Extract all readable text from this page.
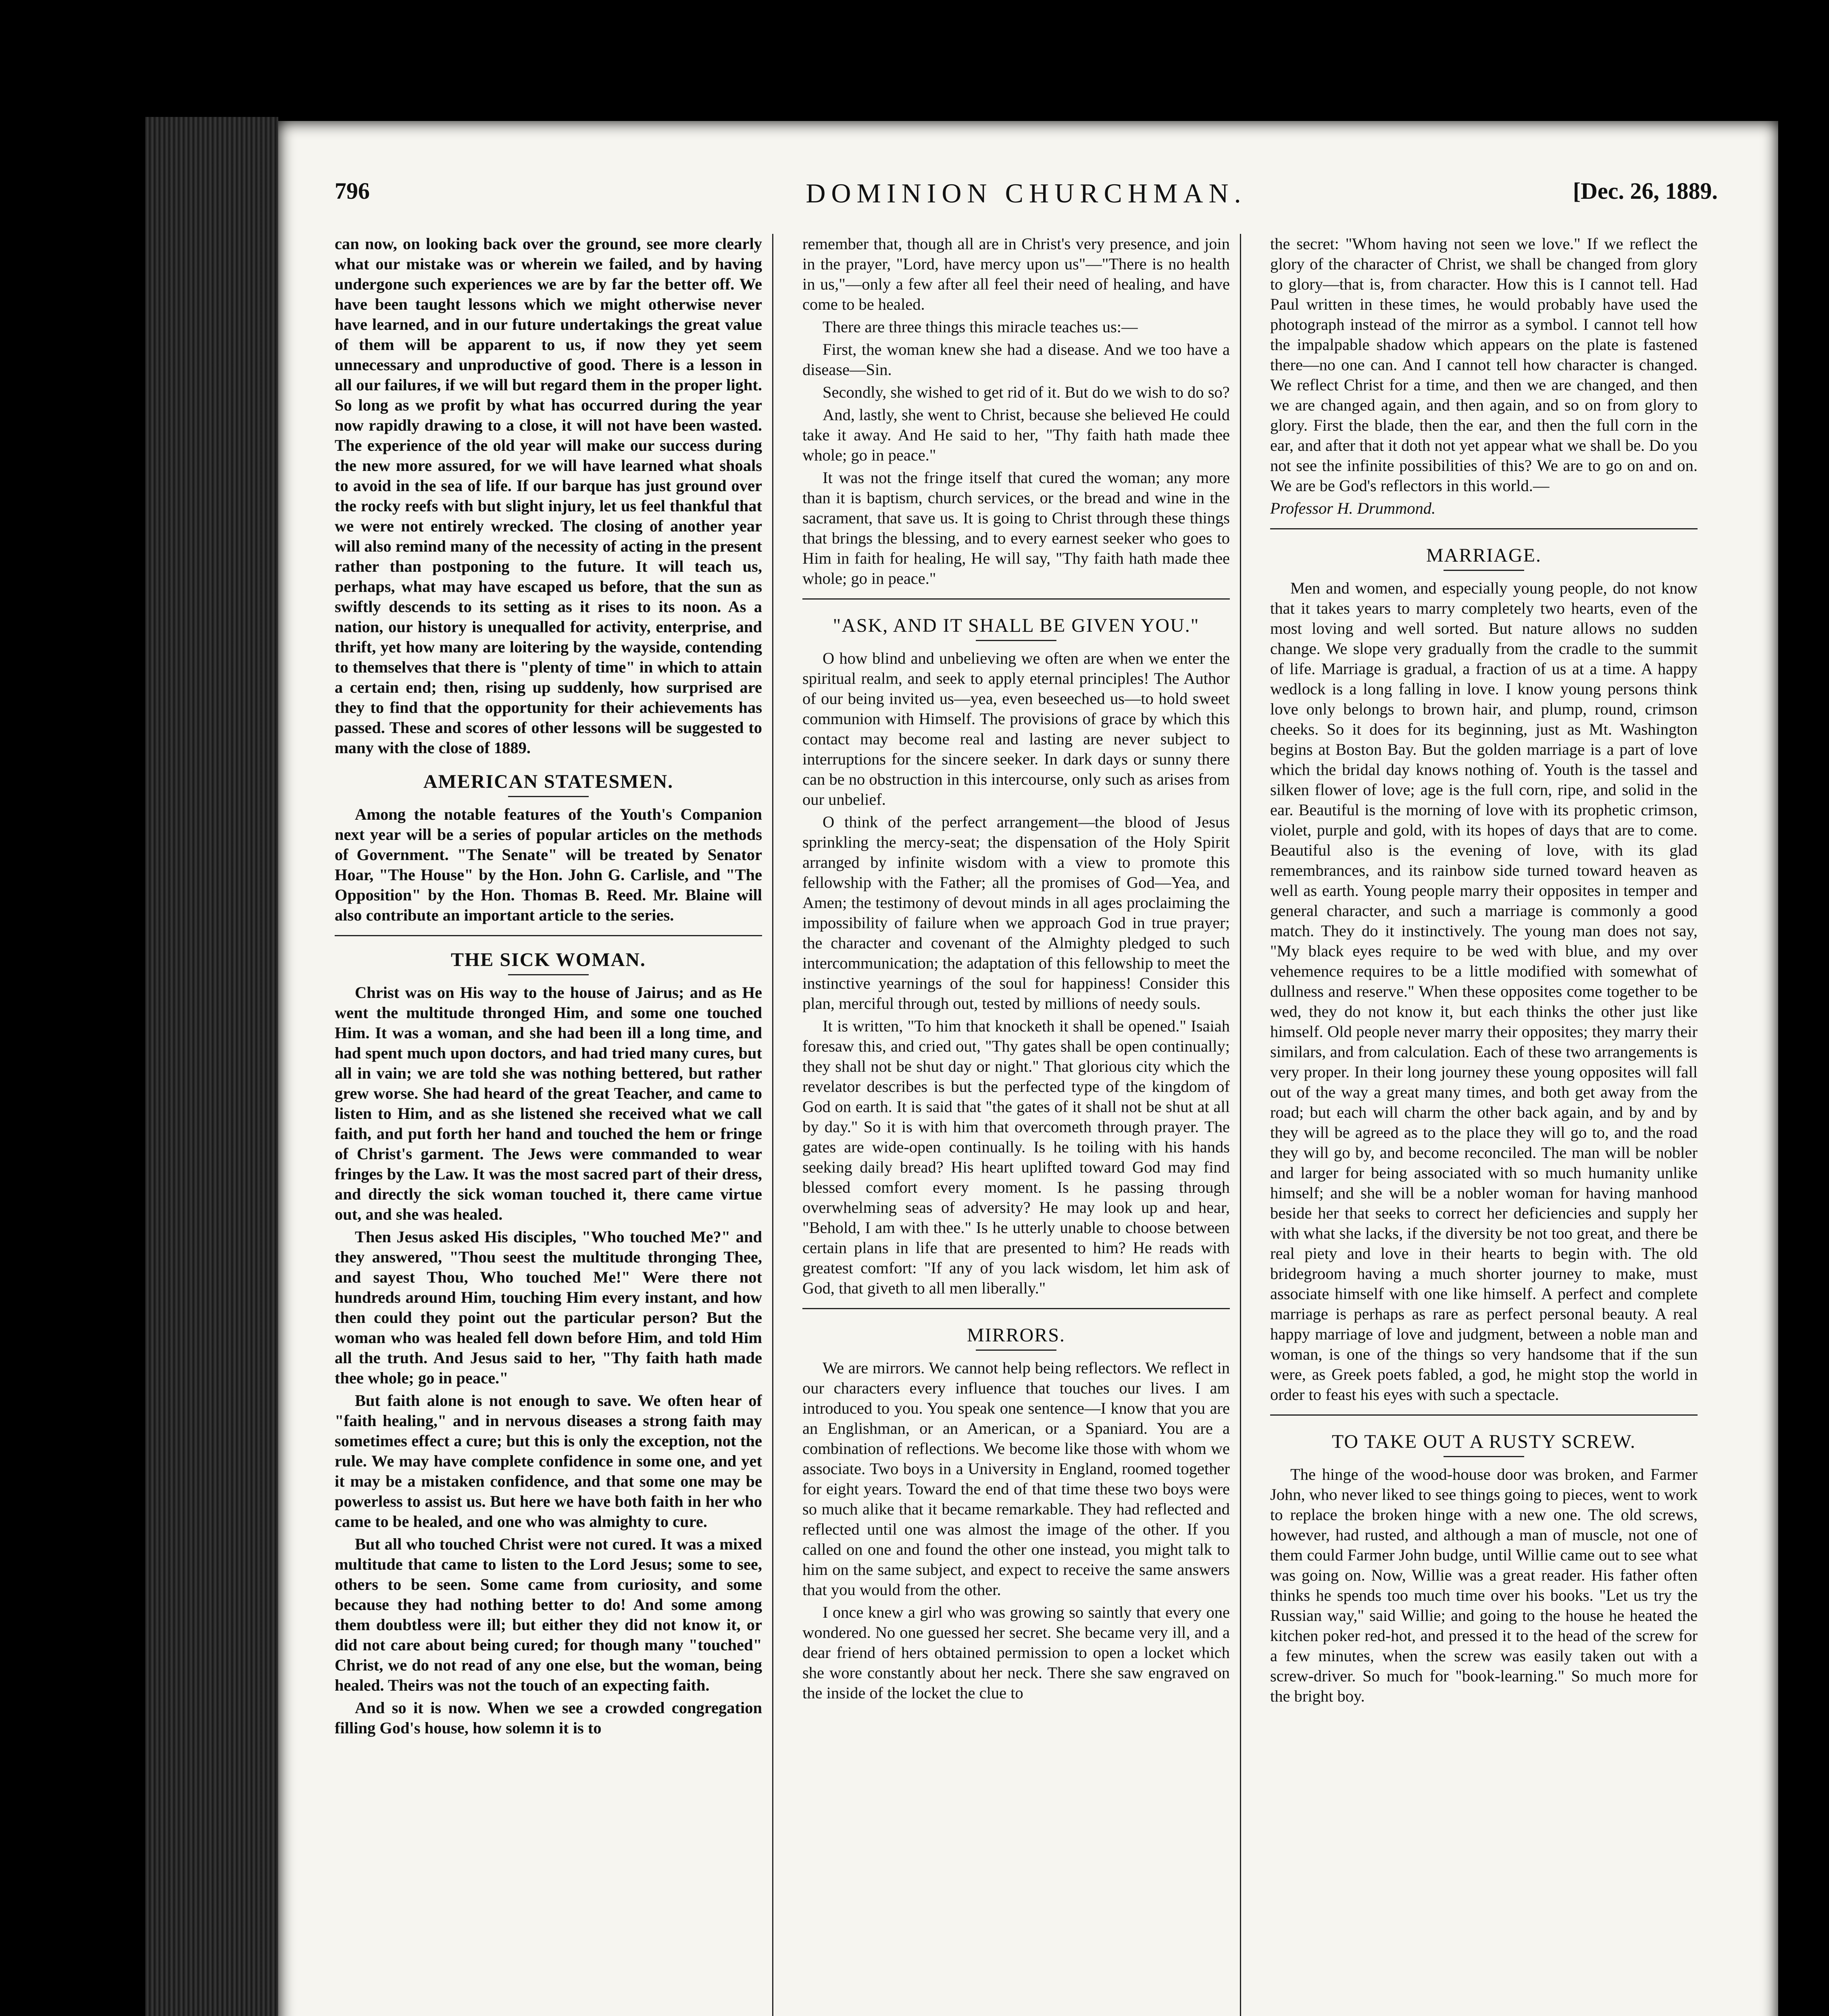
796	DOMINION CHURCHMAN.	[Dec. 26, 1889.

can now, on looking back over the ground, see more clearly what our mistake was or wherein we failed, and by having undergone such experiences we are by far the better off. We have been taught lessons which we might otherwise never have learned, and in our future undertakings the great value of them will be apparent to us, if now they yet seem unnecessary and unproductive of good. There is a lesson in all our failures, if we will but regard them in the proper light. So long as we profit by what has occurred during the year now rapidly drawing to a close, it will not have been wasted. The experience of the old year will make our success during the new more assured, for we will have learned what shoals to avoid in the sea of life. If our barque has just ground over the rocky reefs with but slight injury, let us feel thankful that we were not entirely wrecked. The closing of another year will also remind many of the necessity of acting in the present rather than postponing to the future. It will teach us, perhaps, what may have escaped us before, that the sun as swiftly descends to its setting as it rises to its noon. As a nation, our history is unequalled for activity, enterprise, and thrift, yet how many are loitering by the wayside, contending to themselves that there is "plenty of time" in which to attain a certain end; then, rising up suddenly, how surprised are they to find that the opportunity for their achievements has passed. These and scores of other lessons will be suggested to many with the close of 1889.

AMERICAN STATESMEN.

Among the notable features of the Youth's Companion next year will be a series of popular articles on the methods of Government. "The Senate" will be treated by Senator Hoar, "The House" by the Hon. John G. Carlisle, and "The Opposition" by the Hon. Thomas B. Reed. Mr. Blaine will also contribute an important article to the series.

THE SICK WOMAN.

Christ was on His way to the house of Jairus; and as He went the multitude thronged Him, and some one touched Him. It was a woman, and she had been ill a long time, and had spent much upon doctors, and had tried many cures, but all in vain; we are told she was nothing bettered, but rather grew worse. She had heard of the great Teacher, and came to listen to Him, and as she listened she received what we call faith, and put forth her hand and touched the hem or fringe of Christ's garment. The Jews were commanded to wear fringes by the Law. It was the most sacred part of their dress, and directly the sick woman touched it, there came virtue out, and she was healed.

Then Jesus asked His disciples, "Who touched Me?" and they answered, "Thou seest the multitude thronging Thee, and sayest Thou, Who touched Me!" Were there not hundreds around Him, touching Him every instant, and how then could they point out the particular person? But the woman who was healed fell down before Him, and told Him all the truth. And Jesus said to her, "Thy faith hath made thee whole; go in peace."

But faith alone is not enough to save. We often hear of "faith healing," and in nervous diseases a strong faith may sometimes effect a cure; but this is only the exception, not the rule. We may have complete confidence in some one, and yet it may be a mistaken confidence, and that some one may be powerless to assist us. But here we have both faith in her who came to be healed, and one who was almighty to cure.

But all who touched Christ were not cured. It was a mixed multitude that came to listen to the Lord Jesus; some to see, others to be seen. Some came from curiosity, and some because they had nothing better to do! And some among them doubtless were ill; but either they did not know it, or did not care about being cured; for though many "touched" Christ, we do not read of any one else, but the woman, being healed. Theirs was not the touch of an expecting faith.

And so it is now. When we see a crowded congregation filling God's house, how solemn it is to

remember that, though all are in Christ's very presence, and join in the prayer, "Lord, have mercy upon us"—"There is no health in us,"—only a few after all feel their need of healing, and have come to be healed.

There are three things this miracle teaches us:—

First, the woman knew she had a disease. And we too have a disease—Sin.

Secondly, she wished to get rid of it. But do we wish to do so?

And, lastly, she went to Christ, because she believed He could take it away. And He said to her, "Thy faith hath made thee whole; go in peace."

It was not the fringe itself that cured the woman; any more than it is baptism, church services, or the bread and wine in the sacrament, that save us. It is going to Christ through these things that brings the blessing, and to every earnest seeker who goes to Him in faith for healing, He will say, "Thy faith hath made thee whole; go in peace."

"ASK, AND IT SHALL BE GIVEN YOU."

O how blind and unbelieving we often are when we enter the spiritual realm, and seek to apply eternal principles! The Author of our being invited us—yea, even beseeched us—to hold sweet communion with Himself. The provisions of grace by which this contact may become real and lasting are never subject to interruptions for the sincere seeker. In dark days or sunny there can be no obstruction in this intercourse, only such as arises from our unbelief.

O think of the perfect arrangement—the blood of Jesus sprinkling the mercy-seat; the dispensation of the Holy Spirit arranged by infinite wisdom with a view to promote this fellowship with the Father; all the promises of God—Yea, and Amen; the testimony of devout minds in all ages proclaiming the impossibility of failure when we approach God in true prayer; the character and covenant of the Almighty pledged to such intercommunication; the adaptation of this fellowship to meet the instinctive yearnings of the soul for happiness! Consider this plan, merciful through out, tested by millions of needy souls.

It is written, "To him that knocketh it shall be opened." Isaiah foresaw this, and cried out, "Thy gates shall be open continually; they shall not be shut day or night." That glorious city which the revelator describes is but the perfected type of the kingdom of God on earth. It is said that "the gates of it shall not be shut at all by day." So it is with him that overcometh through prayer. The gates are wide-open continually. Is he toiling with his hands seeking daily bread? His heart uplifted toward God may find blessed comfort every moment. Is he passing through overwhelming seas of adversity? He may look up and hear, "Behold, I am with thee." Is he utterly unable to choose between certain plans in life that are presented to him? He reads with greatest comfort: "If any of you lack wisdom, let him ask of God, that giveth to all men liberally."

MIRRORS.

We are mirrors. We cannot help being reflectors. We reflect in our characters every influence that touches our lives. I am introduced to you. You speak one sentence—I know that you are an Englishman, or an American, or a Spaniard. You are a combination of reflections. We become like those with whom we associate. Two boys in a University in England, roomed together for eight years. Toward the end of that time these two boys were so much alike that it became remarkable. They had reflected and reflected until one was almost the image of the other. If you called on one and found the other one instead, you might talk to him on the same subject, and expect to receive the same answers that you would from the other.

I once knew a girl who was growing so saintly that every one wondered. No one guessed her secret. She became very ill, and a dear friend of hers obtained permission to open a locket which she wore constantly about her neck. There she saw engraved on the inside of the locket the clue to

the secret: "Whom having not seen we love." If we reflect the glory of the character of Christ, we shall be changed from glory to glory—that is, from character. How this is I cannot tell. Had Paul written in these times, he would probably have used the photograph instead of the mirror as a symbol. I cannot tell how the impalpable shadow which appears on the plate is fastened there—no one can. And I cannot tell how character is changed. We reflect Christ for a time, and then we are changed, and then we are changed again, and then again, and so on from glory to glory. First the blade, then the ear, and then the full corn in the ear, and after that it doth not yet appear what we shall be. Do you not see the infinite possibilities of this? We are to go on and on. We are be God's reflectors in this world.—

Professor H. Drummond.

MARRIAGE.

Men and women, and especially young people, do not know that it takes years to marry completely two hearts, even of the most loving and well sorted. But nature allows no sudden change. We slope very gradually from the cradle to the summit of life. Marriage is gradual, a fraction of us at a time. A happy wedlock is a long falling in love. I know young persons think love only belongs to brown hair, and plump, round, crimson cheeks. So it does for its beginning, just as Mt. Washington begins at Boston Bay. But the golden marriage is a part of love which the bridal day knows nothing of. Youth is the tassel and silken flower of love; age is the full corn, ripe, and solid in the ear. Beautiful is the morning of love with its prophetic crimson, violet, purple and gold, with its hopes of days that are to come. Beautiful also is the evening of love, with its glad remembrances, and its rainbow side turned toward heaven as well as earth. Young people marry their opposites in temper and general character, and such a marriage is commonly a good match. They do it instinctively. The young man does not say, "My black eyes require to be wed with blue, and my over vehemence requires to be a little modified with somewhat of dullness and reserve." When these opposites come together to be wed, they do not know it, but each thinks the other just like himself. Old people never marry their opposites; they marry their similars, and from calculation. Each of these two arrangements is very proper. In their long journey these young opposites will fall out of the way a great many times, and both get away from the road; but each will charm the other back again, and by and by they will be agreed as to the place they will go to, and the road they will go by, and become reconciled. The man will be nobler and larger for being associated with so much humanity unlike himself; and she will be a nobler woman for having manhood beside her that seeks to correct her deficiencies and supply her with what she lacks, if the diversity be not too great, and there be real piety and love in their hearts to begin with. The old bridegroom having a much shorter journey to make, must associate himself with one like himself. A perfect and complete marriage is perhaps as rare as perfect personal beauty. A real happy marriage of love and judgment, between a noble man and woman, is one of the things so very handsome that if the sun were, as Greek poets fabled, a god, he might stop the world in order to feast his eyes with such a spectacle.

TO TAKE OUT A RUSTY SCREW.

The hinge of the wood-house door was broken, and Farmer John, who never liked to see things going to pieces, went to work to replace the broken hinge with a new one. The old screws, however, had rusted, and although a man of muscle, not one of them could Farmer John budge, until Willie came out to see what was going on. Now, Willie was a great reader. His father often thinks he spends too much time over his books. "Let us try the Russian way," said Willie; and going to the house he heated the kitchen poker red-hot, and pressed it to the head of the screw for a few minutes, when the screw was easily taken out with a screw-driver. So much for "book-learning." So much more for the bright boy.
